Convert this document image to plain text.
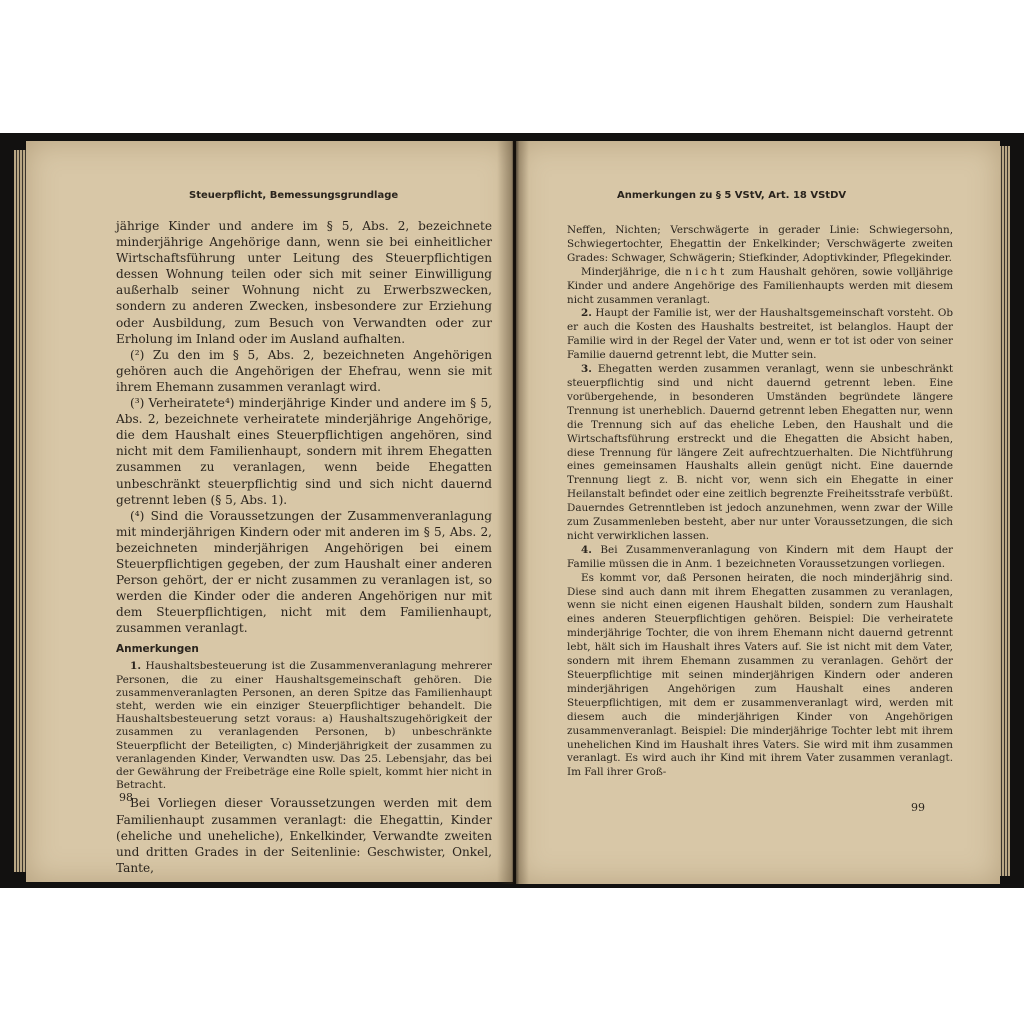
Steuerpflicht, Bemessungsgrundlage

jährige Kinder und andere im § 5, Abs. 2, bezeichnete minderjährige Angehörige dann, wenn sie bei einheitlicher Wirtschaftsführung unter Leitung des Steuerpflichtigen dessen Wohnung teilen oder sich mit seiner Einwilligung außerhalb seiner Wohnung nicht zu Erwerbszwecken, sondern zu anderen Zwecken, insbesondere zur Erziehung oder Ausbildung, zum Besuch von Verwandten oder zur Erholung im Inland oder im Ausland aufhalten.

(²) Zu den im § 5, Abs. 2, bezeichneten Angehörigen gehören auch die Angehörigen der Ehefrau, wenn sie mit ihrem Ehemann zusammen veranlagt wird.

(³) Verheiratete⁴) minderjährige Kinder und andere im § 5, Abs. 2, bezeichnete verheiratete minderjährige Angehörige, die dem Haushalt eines Steuerpflichtigen angehören, sind nicht mit dem Familienhaupt, sondern mit ihrem Ehegatten zusammen zu veranlagen, wenn beide Ehegatten unbeschränkt steuerpflichtig sind und sich nicht dauernd getrennt leben (§ 5, Abs. 1).

(⁴) Sind die Voraussetzungen der Zusammenveranlagung mit minderjährigen Kindern oder mit anderen im § 5, Abs. 2, bezeichneten minderjährigen Angehörigen bei einem Steuerpflichtigen gegeben, der zum Haushalt einer anderen Person gehört, der er nicht zusammen zu veranlagen ist, so werden die Kinder oder die anderen Angehörigen nur mit dem Steuerpflichtigen, nicht mit dem Familienhaupt, zusammen veranlagt.

Anmerkungen

1. Haushaltsbesteuerung ist die Zusammenveranlagung mehrerer Personen, die zu einer Haushaltsgemeinschaft gehören. Die zusammenveranlagten Personen, an deren Spitze das Familienhaupt steht, werden wie ein einziger Steuerpflichtiger behandelt. Die Haushaltsbesteuerung setzt voraus: a) Haushaltszugehörigkeit der zusammen zu veranlagenden Personen, b) unbeschränkte Steuerpflicht der Beteiligten, c) Minderjährigkeit der zusammen zu veranlagenden Kinder, Verwandten usw. Das 25. Lebensjahr, das bei der Gewährung der Freibeträge eine Rolle spielt, kommt hier nicht in Betracht.

Bei Vorliegen dieser Voraussetzungen werden mit dem Familienhaupt zusammen veranlagt: die Ehegattin, Kinder (eheliche und uneheliche), Enkelkinder, Verwandte zweiten und dritten Grades in der Seitenlinie: Geschwister, Onkel, Tante,

98
Anmerkungen zu § 5 VStV, Art. 18 VStDV

Neffen, Nichten; Verschwägerte in gerader Linie: Schwiegersohn, Schwiegertochter, Ehegattin der Enkelkinder; Verschwägerte zweiten Grades: Schwager, Schwägerin; Stiefkinder, Adoptivkinder, Pflegekinder.

Minderjährige, die nicht zum Haushalt gehören, sowie volljährige Kinder und andere Angehörige des Familienhaupts werden mit diesem nicht zusammen veranlagt.

2. Haupt der Familie ist, wer der Haushaltsgemeinschaft vorsteht. Ob er auch die Kosten des Haushalts bestreitet, ist belanglos. Haupt der Familie wird in der Regel der Vater und, wenn er tot ist oder von seiner Familie dauernd getrennt lebt, die Mutter sein.

3. Ehegatten werden zusammen veranlagt, wenn sie unbeschränkt steuerpflichtig sind und nicht dauernd getrennt leben. Eine vorübergehende, in besonderen Umständen begründete längere Trennung ist unerheblich. Dauernd getrennt leben Ehegatten nur, wenn die Trennung sich auf das eheliche Leben, den Haushalt und die Wirtschaftsführung erstreckt und die Ehegatten die Absicht haben, diese Trennung für längere Zeit aufrechtzuerhalten. Die Nichtführung eines gemeinsamen Haushalts allein genügt nicht. Eine dauernde Trennung liegt z. B. nicht vor, wenn sich ein Ehegatte in einer Heilanstalt befindet oder eine zeitlich begrenzte Freiheitsstrafe verbüßt. Dauerndes Getrenntleben ist jedoch anzunehmen, wenn zwar der Wille zum Zusammenleben besteht, aber nur unter Voraussetzungen, die sich nicht verwirklichen lassen.

4. Bei Zusammenveranlagung von Kindern mit dem Haupt der Familie müssen die in Anm. 1 bezeichneten Voraussetzungen vorliegen.

Es kommt vor, daß Personen heiraten, die noch minderjährig sind. Diese sind auch dann mit ihrem Ehegatten zusammen zu veranlagen, wenn sie nicht einen eigenen Haushalt bilden, sondern zum Haushalt eines anderen Steuerpflichtigen gehören. Beispiel: Die verheiratete minderjährige Tochter, die von ihrem Ehemann nicht dauernd getrennt lebt, hält sich im Haushalt ihres Vaters auf. Sie ist nicht mit dem Vater, sondern mit ihrem Ehemann zusammen zu veranlagen. Gehört der Steuerpflichtige mit seinen minderjährigen Kindern oder anderen minderjährigen Angehörigen zum Haushalt eines anderen Steuerpflichtigen, mit dem er zusammenveranlagt wird, werden mit diesem auch die minderjährigen Kinder von Angehörigen zusammenveranlagt. Beispiel: Die minderjährige Tochter lebt mit ihrem unehelichen Kind im Haushalt ihres Vaters. Sie wird mit ihm zusammen veranlagt. Es wird auch ihr Kind mit ihrem Vater zusammen veranlagt. Im Fall ihrer Groß-

99
